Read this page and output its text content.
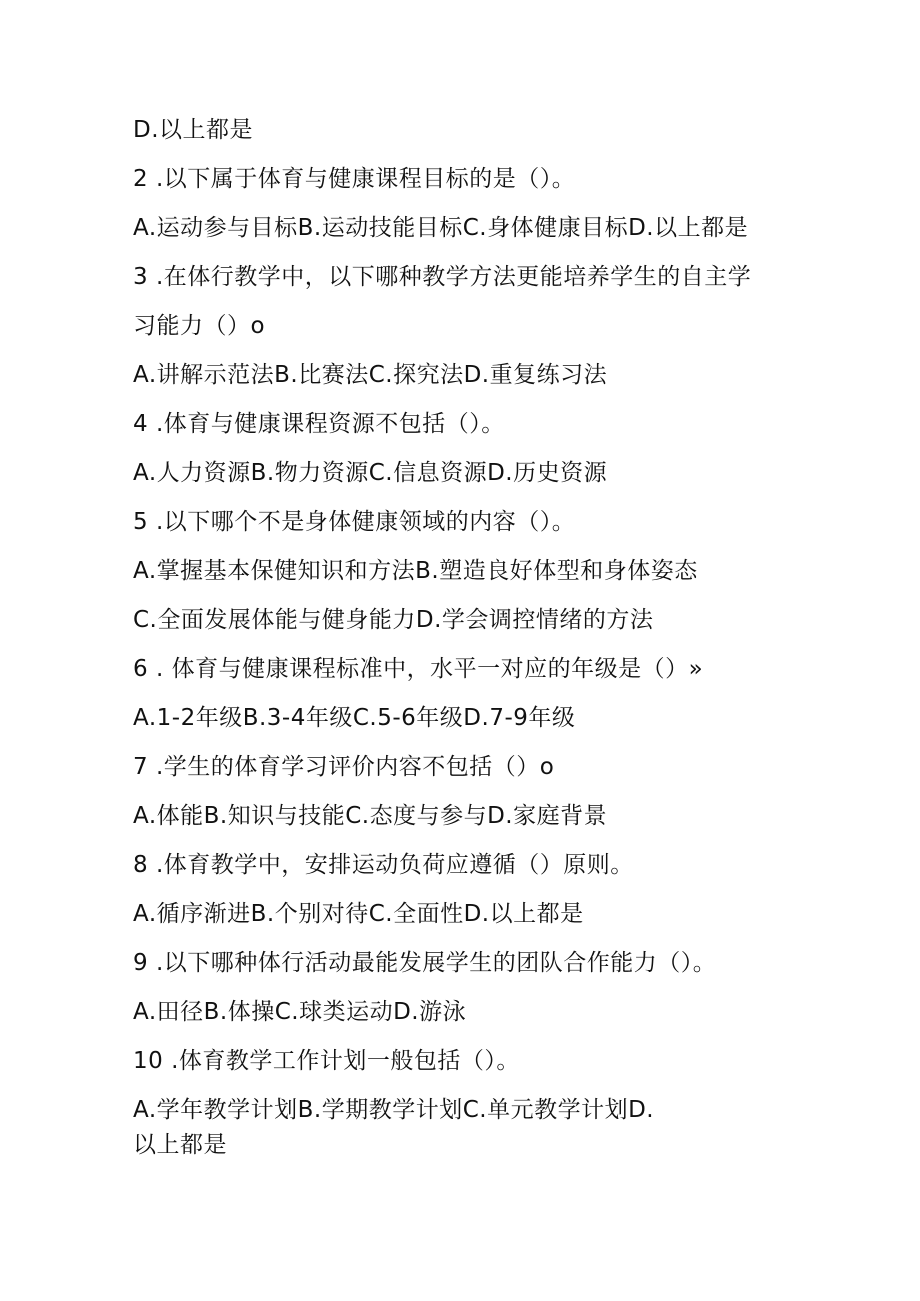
D.以上都是
2 .以下属于体育与健康课程目标的是（）。
A.运动参与目标B.运动技能目标C.身体健康目标D.以上都是
3 .在体行教学中，以下哪种教学方法更能培养学生的自主学
习能力（）o
A.讲解示范法B.比赛法C.探究法D.重复练习法
4 .体育与健康课程资源不包括（）。
A.人力资源B.物力资源C.信息资源D.历史资源
5 .以下哪个不是身体健康领域的内容（）。
A.掌握基本保健知识和方法B.塑造良好体型和身体姿态
C.全面发展体能与健身能力D.学会调控情绪的方法
6 . 体育与健康课程标准中，水平一对应的年级是（）»
A.1-2年级B.3-4年级C.5-6年级D.7-9年级
7 .学生的体育学习评价内容不包括（）o
A.体能B.知识与技能C.态度与参与D.家庭背景
8 .体育教学中，安排运动负荷应遵循（）原则。
A.循序渐进B.个别对待C.全面性D.以上都是
9 .以下哪种体行活动最能发展学生的团队合作能力（）。
A.田径B.体操C.球类运动D.游泳
10 .体育教学工作计划一般包括（）。
A.学年教学计划B.学期教学计划C.单元教学计划D.
以上都是
